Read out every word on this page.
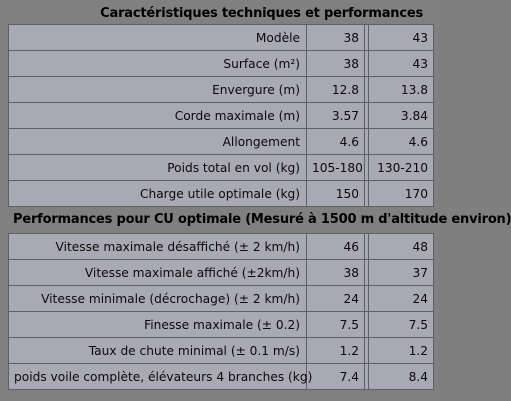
Caractéristiques techniques et performances
Modèle	38		43
Surface (m²)	38		43
Envergure (m)	12.8		13.8
Corde maximale (m)	3.57		3.84
Allongement	4.6		4.6
Poids total en vol (kg)	105-180		130-210
Charge utile optimale (kg)	150		170
Performances pour CU optimale (Mesuré à 1500 m d'altitude environ)
Vitesse maximale désaffiché (± 2 km/h)	46		48
Vitesse maximale affiché (±2km/h)	38		37
Vitesse minimale (décrochage) (± 2 km/h)	24		24
Finesse maximale (± 0.2)	7.5		7.5
Taux de chute minimal (± 0.1 m/s)	1.2		1.2
poids voile complète, élévateurs 4 branches (kg)	7.4		8.4
